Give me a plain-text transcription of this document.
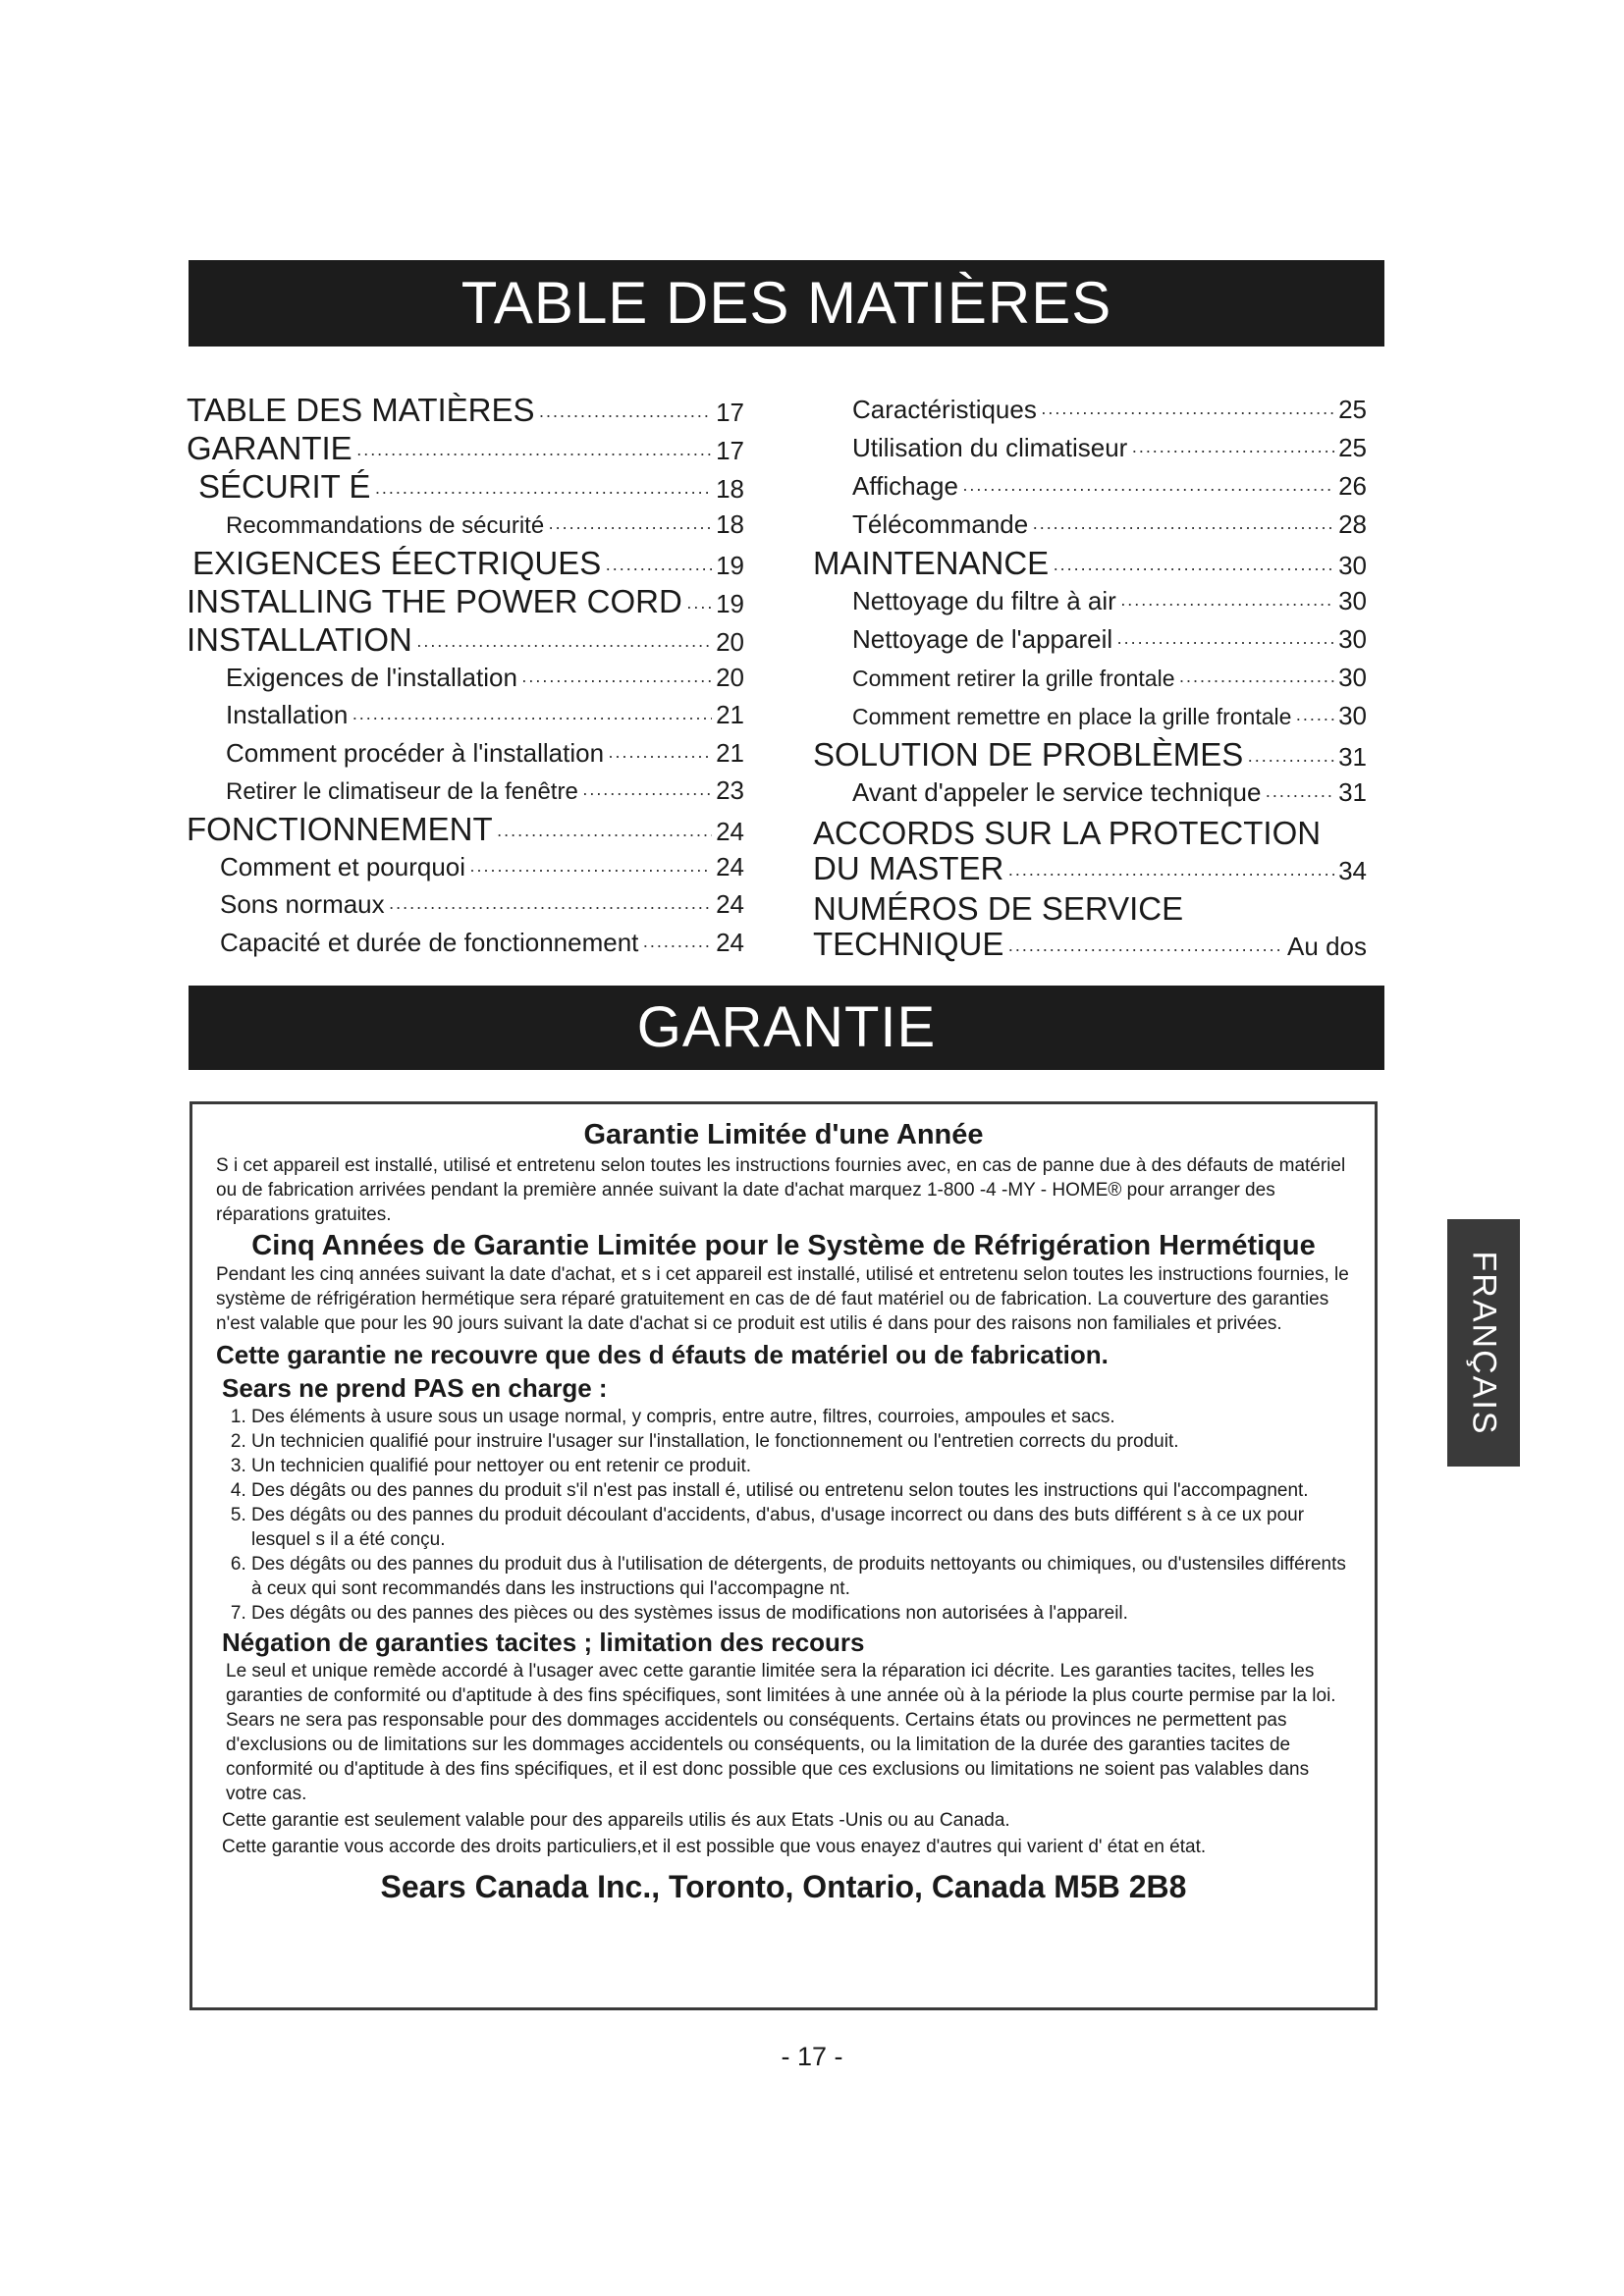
TABLE DES MATIÈRES
TABLE DES MATIÈRES ·····	17
GARANTIE ·····	17
SÉCURIT É ·····	18
Recommandations de sécurité ·····	18
EXIGENCES ÉECTRIQUES ·····	19
INSTALLING THE POWER CORD ····· 19
INSTALLATION ·····	20
Exigences de l'installation ·····	20
Installation ·····	21
Comment procéder à l'installation ·····	21
Retirer le climatiseur de la fenêtre ·····	23
FONCTIONNEMENT ·····	24
Comment et pourquoi ·····	24
Sons normaux ·····	24
Capacité et durée de fonctionnement ·····	24
Caractéristiques ·····	25
Utilisation du climatiseur ·····	25
Affichage ·····	26
Télécommande ·····	28
MAINTENANCE ·····	30
Nettoyage du filtre à air ·····	30
Nettoyage de l'appareil ·····	30
Comment retirer la grille frontale ·····	30
Comment remettre en place la grille frontale ····· 30
SOLUTION DE PROBLÈMES ·····	31
Avant d'appeler le service technique ·····	31
ACCORDS SUR LA PROTECTION
DU MASTER ·····	34
NUMÉROS DE SERVICE
TECHNIQUE ·····	Au dos
GARANTIE

Garantie Limitée d'une Année

S i cet appareil est installé, utilisé et entretenu selon toutes les instructions fournies avec, en cas de panne due à des défauts de matériel ou de fabrication arrivées pendant la première année suivant la date d'achat marquez 1-800 -4 -MY - HOME® pour arranger des réparations gratuites.

Cinq Années de Garantie Limitée pour le Système de Réfrigération Hermétique

Pendant les cinq années suivant la date d'achat, et s i cet appareil est installé, utilisé et entretenu selon toutes les instructions fournies, le système de réfrigération hermétique sera réparé gratuitement en cas de dé faut matériel ou de fabrication. La couverture des garanties n'est valable que pour les 90 jours suivant la date d'achat si ce produit est utilis é dans pour des raisons non familiales et privées.

Cette garantie ne recouvre que des d éfauts de matériel ou de fabrication.

Sears ne prend PAS en charge :

1. Des éléments à usure sous un usage normal, y compris, entre autre, filtres, courroies, ampoules et sacs.
2. Un technicien qualifié pour instruire l'usager sur l'installation, le fonctionnement ou l'entretien corrects du produit.
3. Un technicien qualifié pour nettoyer ou ent retenir ce produit.
4. Des dégâts ou des pannes du produit s'il n'est pas install é, utilisé ou entretenu selon toutes les instructions qui l'accompagnent.
5. Des dégâts ou des pannes du produit découlant d'accidents, d'abus, d'usage incorrect ou dans des buts différent s à ce ux pour lesquel s il a été conçu.
6. Des dégâts ou des pannes du produit dus à l'utilisation de détergents, de produits nettoyants ou chimiques, ou d'ustensiles différents à ceux qui sont recommandés dans les instructions qui l'accompagne nt.
7. Des dégâts ou des pannes des pièces ou des systèmes issus de modifications non autorisées à l'appareil.

Négation de garanties tacites ; limitation des recours

Le seul et unique remède accordé à l'usager avec cette garantie limitée sera la réparation ici décrite. Les garanties tacites, telles les garanties de conformité ou d'aptitude à des fins spécifiques, sont limitées à une année où à la période la plus courte permise par la loi. Sears ne sera pas responsable pour des dommages accidentels ou conséquents. Certains états ou provinces ne permettent pas d'exclusions ou de limitations sur les dommages accidentels ou conséquents, ou la limitation de la durée des garanties tacites de conformité ou d'aptitude à des fins spécifiques, et il est donc possible que ces exclusions ou limitations ne soient pas valables dans votre cas.

Cette garantie est seulement valable pour des appareils utilis és aux Etats -Unis ou au Canada.

Cette garantie vous accorde des droits particuliers,et il est possible que vous enayez d'autres qui varient d' état en état.

Sears Canada Inc., Toronto, Ontario, Canada M5B 2B8
- 17 -
FRANÇAIS
